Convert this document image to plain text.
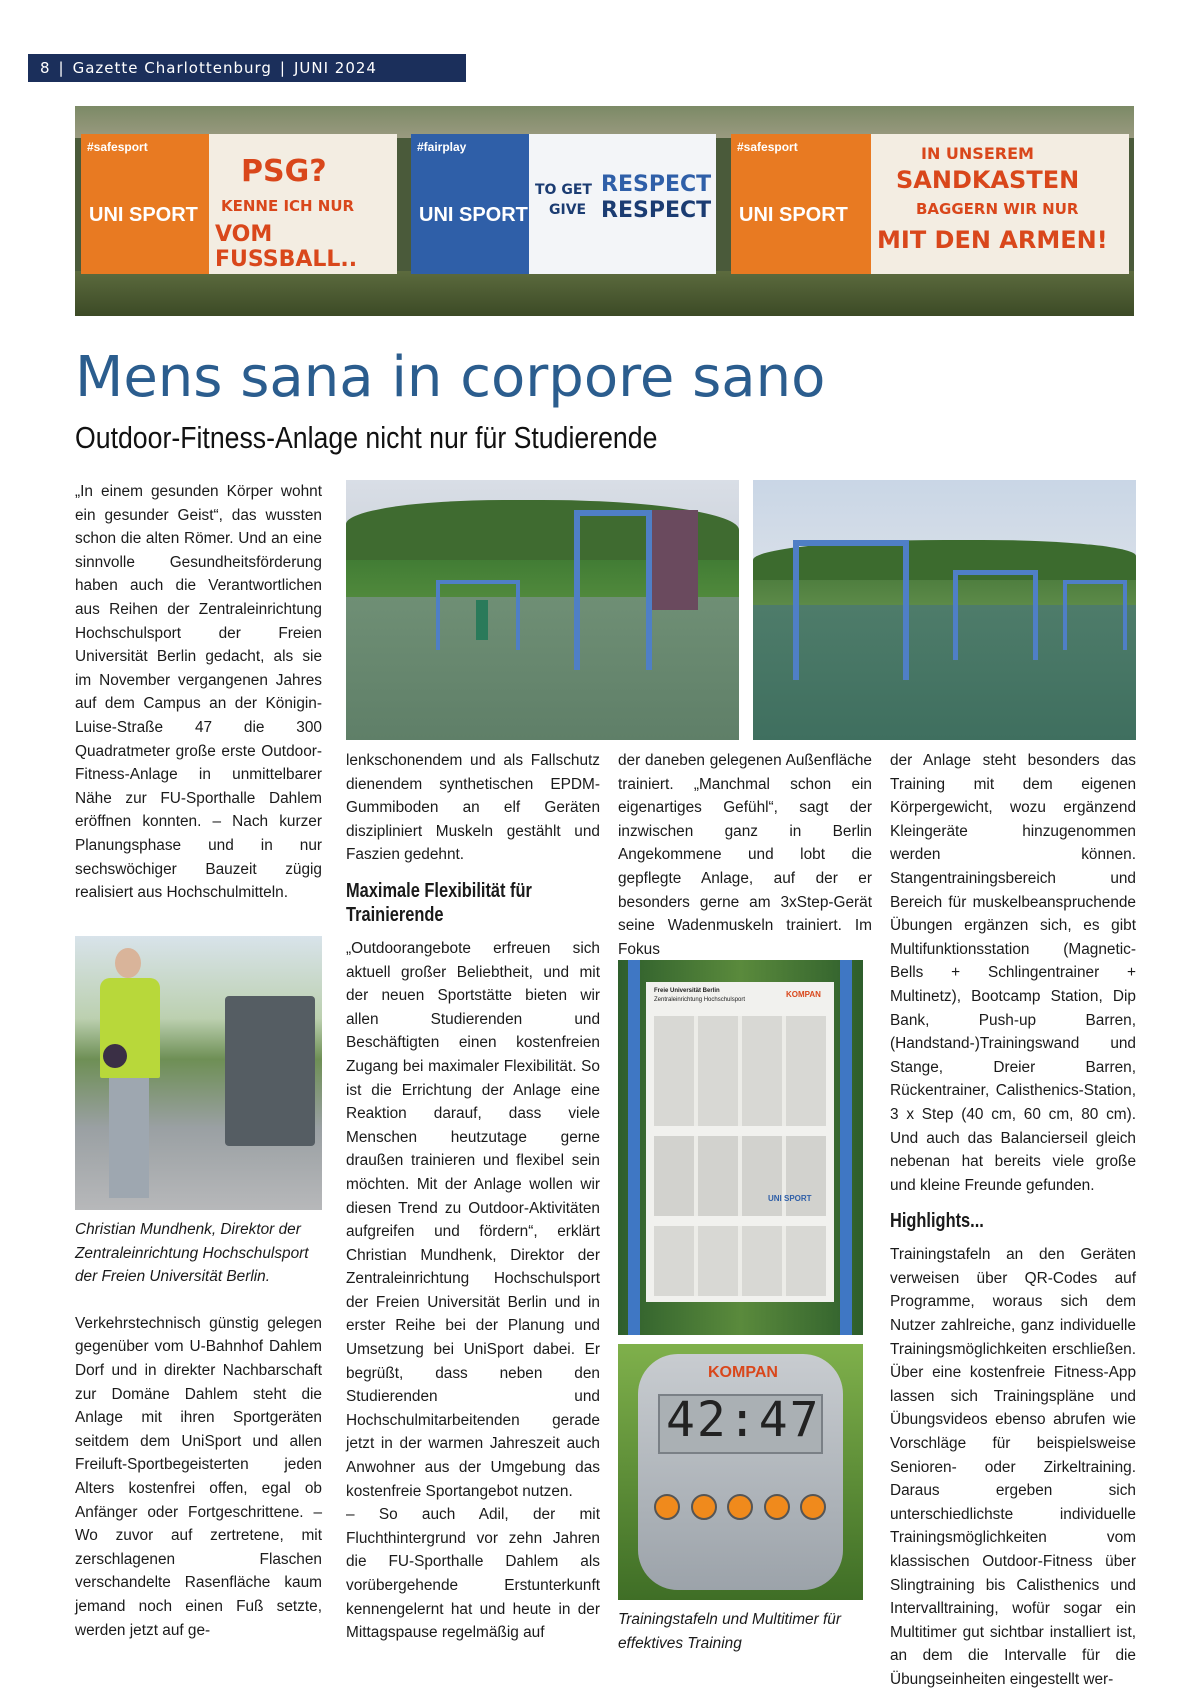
8 | Gazette Charlottenburg | JUNI 2024
#safesport
UNI SPORT
PSG?
KENNE ICH NUR
VOM FUSSBALL..
#fairplay
UNI SPORT
TO GET
GIVE
RESPECT
RESPECT
#safesport
UNI SPORT
IN UNSEREM
SANDKASTEN
BAGGERN WIR NUR
MIT DEN ARMEN!
Mens sana in corpore sano
Outdoor-Fitness-Anlage nicht nur für Studierende

„In einem gesunden Körper wohnt ein gesunder Geist“, das wussten schon die alten Römer. Und an eine sinnvolle Gesundheitsförderung haben auch die Verantwortlichen aus Reihen der Zentraleinrichtung Hochschulsport der Freien Universität Berlin gedacht, als sie im November vergangenen Jahres auf dem Campus an der Königin-Luise-Straße 47 die 300 Quadratmeter große erste Outdoor-Fitness-Anlage in unmittelbarer Nähe zur FU-Sporthalle Dahlem eröffnen konnten. – Nach kurzer Planungsphase und in nur sechswöchiger Bauzeit zügig realisiert aus Hochschulmitteln.

Christian Mundhenk, Direktor der Zentraleinrichtung Hochschulsport der Freien Universität Berlin.

Verkehrstechnisch günstig gelegen gegenüber vom U-Bahnhof Dahlem Dorf und in direkter Nachbarschaft zur Domäne Dahlem steht die Anlage mit ihren Sportgeräten seitdem dem UniSport und allen Freiluft-Sportbegeisterten jeden Alters kostenfrei offen, egal ob Anfänger oder Fortgeschrittene. – Wo zuvor auf zertretene, mit zerschlagenen Flaschen verschandelte Rasenfläche kaum jemand noch einen Fuß setzte, werden jetzt auf ge-

lenkschonendem und als Fallschutz dienendem synthetischen EPDM-Gummiboden an elf Geräten diszipliniert Muskeln gestählt und Faszien gedehnt.

Maximale Flexibilität für Trainierende

„Outdoorangebote erfreuen sich aktuell großer Beliebtheit, und mit der neuen Sportstätte bieten wir allen Studierenden und Beschäftigten einen kostenfreien Zugang bei maximaler Flexibilität. So ist die Errichtung der Anlage eine Reaktion darauf, dass viele Menschen heutzutage gerne draußen trainieren und flexibel sein möchten. Mit der Anlage wollen wir diesen Trend zu Outdoor-Aktivitäten aufgreifen und fördern“, erklärt Christian Mundhenk, Direktor der Zentraleinrichtung Hochschulsport der Freien Universität Berlin und in erster Reihe bei der Planung und Umsetzung bei UniSport dabei. Er begrüßt, dass neben den Studierenden und Hochschulmitarbeitenden gerade jetzt in der warmen Jahreszeit auch Anwohner aus der Umgebung das kostenfreie Sportangebot nutzen.

– So auch Adil, der mit Fluchthintergrund vor zehn Jahren die FU-Sporthalle Dahlem als vorübergehende Erstunterkunft kennengelernt hat und heute in der Mittagspause regelmäßig auf

der daneben gelegenen Außenfläche trainiert. „Manchmal schon ein eigenartiges Gefühl“, sagt der inzwischen ganz in Berlin Angekommene und lobt die gepflegte Anlage, auf der er besonders gerne am 3xStep-Gerät seine Wadenmuskeln trainiert. Im Fokus

Freie Universität Berlin
Zentraleinrichtung Hochschulsport
KOMPAN
UNI SPORT
KOMPAN
42:47

Trainingstafeln und Multitimer für effektives Training

der Anlage steht besonders das Training mit dem eigenen Körpergewicht, wozu ergänzend Kleingeräte hinzugenommen werden können. Stangentrainingsbereich und Bereich für muskelbeanspruchende Übungen ergänzen sich, es gibt Multifunktionsstation (Magnetic-Bells + Schlingentrainer + Multinetz), Bootcamp Station, Dip Bank, Push-up Barren, (Handstand-)Trainingswand und Stange, Dreier Barren, Rückentrainer, Calisthenics-Station, 3 x Step (40 cm, 60 cm, 80 cm). Und auch das Balancierseil gleich nebenan hat bereits viele große und kleine Freunde gefunden.

Highlights...

Trainingstafeln an den Geräten verweisen über QR-Codes auf Programme, woraus sich dem Nutzer zahlreiche, ganz individuelle Trainingsmöglichkeiten erschließen. Über eine kostenfreie Fitness-App lassen sich Trainingspläne und Übungsvideos ebenso abrufen wie Vorschläge für beispielsweise Senioren- oder Zirkeltraining. Daraus ergeben sich unterschiedlichste individuelle Trainingsmöglichkeiten vom klassischen Outdoor-Fitness über Slingtraining bis Calisthenics und Intervalltraining, wofür sogar ein Multitimer gut sichtbar installiert ist, an dem die Intervalle für die Übungseinheiten eingestellt wer-
